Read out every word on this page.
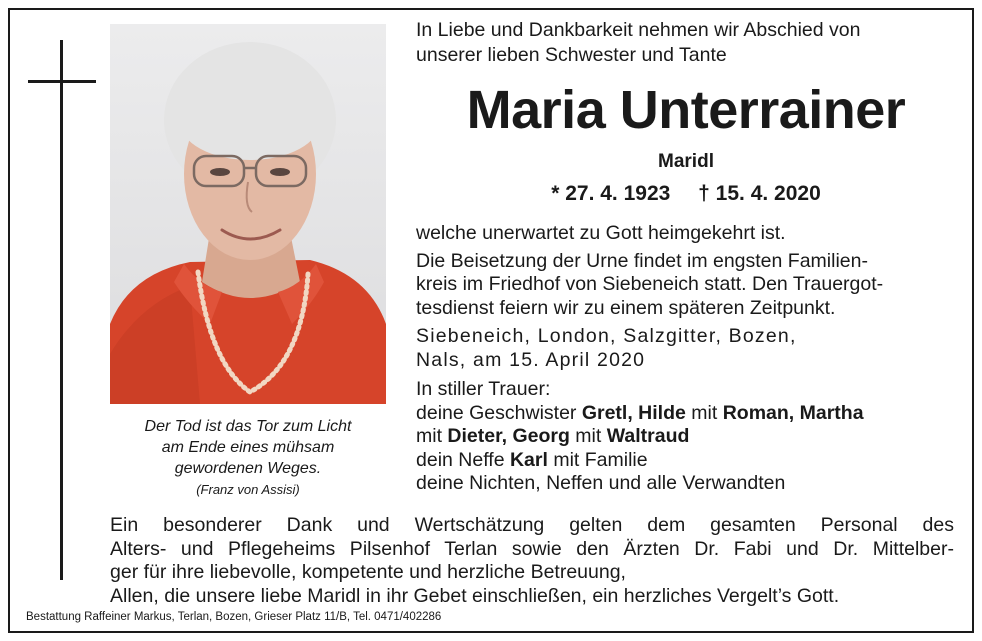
Der Tod ist das Tor zum Licht
am Ende eines mühsam
gewordenen Weges.
(Franz von Assisi)
In Liebe und Dankbarkeit nehmen wir Abschied von
unserer lieben Schwester und Tante
Maria Unterrainer
Maridl
* 27. 4. 1923 † 15. 4. 2020

welche unerwartet zu Gott heimgekehrt ist.

Die Beisetzung der Urne findet im engsten Familien-

kreis im Friedhof von Siebeneich statt. Den Trauergot-

tesdienst feiern wir zu einem späteren Zeitpunkt.

Siebeneich, London, Salzgitter, Bozen,

Nals, am 15. April 2020

In stiller Trauer:

deine Geschwister Gretl, Hilde mit Roman, Martha

mit Dieter, Georg mit Waltraud

dein Neffe Karl mit Familie

deine Nichten, Neffen und alle Verwandten

Ein besonderer Dank und Wertschätzung gelten dem gesamten Personal des

Alters- und Pflegeheims Pilsenhof Terlan sowie den Ärzten Dr. Fabi und Dr. Mittelber-

ger für ihre liebevolle, kompetente und herzliche Betreuung,

Allen, die unsere liebe Maridl in ihr Gebet einschließen, ein herzliches Vergelt’s Gott.

Bestattung Raffeiner Markus, Terlan, Bozen, Grieser Platz 11/B, Tel. 0471/402286
